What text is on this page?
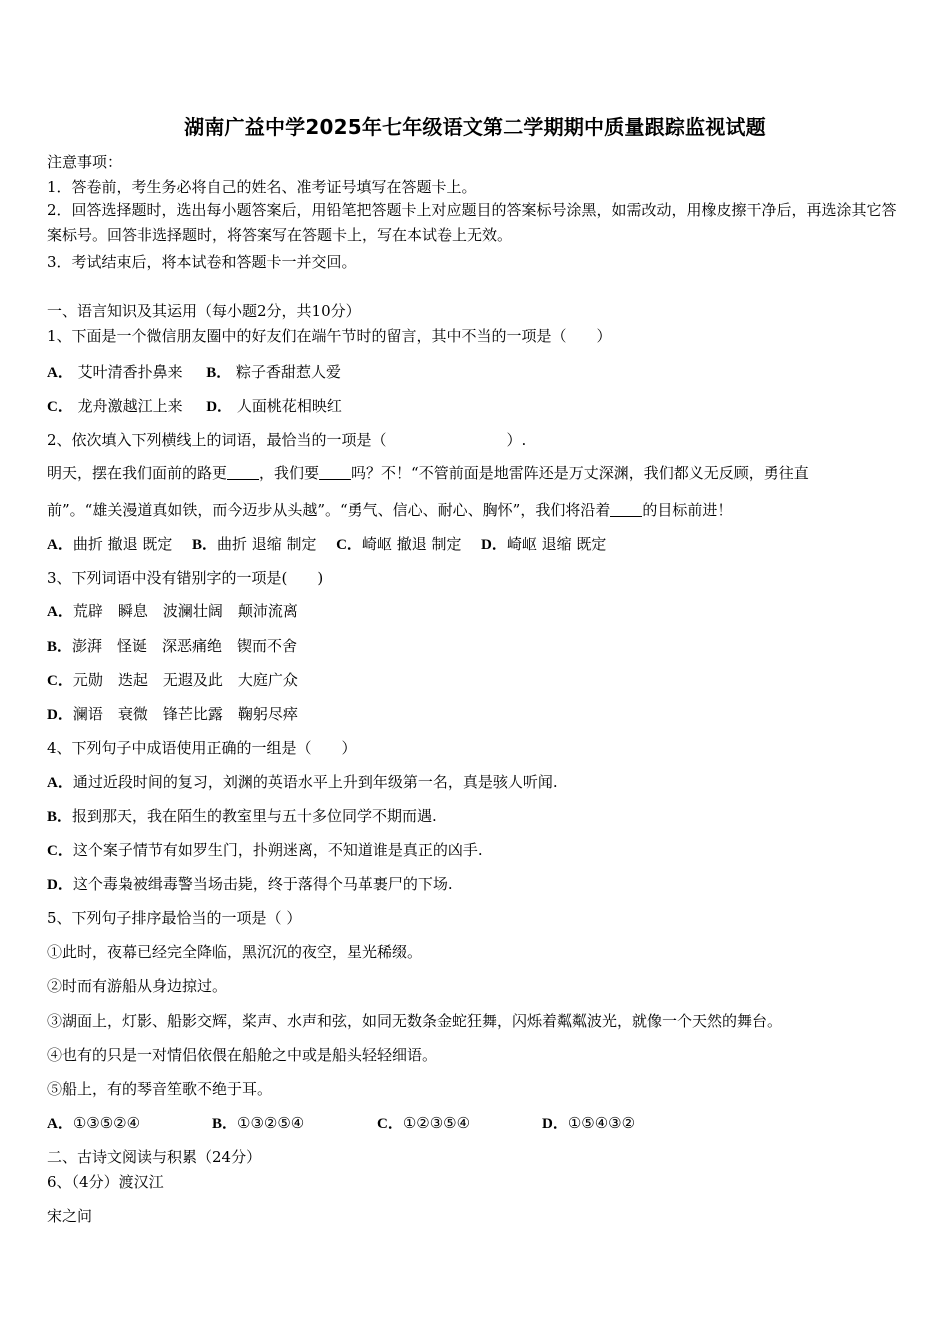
湖南广益中学2025年七年级语文第二学期期中质量跟踪监视试题
注意事项：
1．答卷前，考生务必将自己的姓名、准考证号填写在答题卡上。
2．回答选择题时，选出每小题答案后，用铅笔把答题卡上对应题目的答案标号涂黑，如需改动，用橡皮擦干净后，再选涂其它答案标号。回答非选择题时，将答案写在答题卡上，写在本试卷上无效。
3．考试结束后，将本试卷和答题卡一并交回。
一、语言知识及其运用（每小题2分，共10分）
1、下面是一个微信朋友圈中的好友们在端午节时的留言，其中不当的一项是（　　）
A． 艾叶清香扑鼻来 B． 粽子香甜惹人爱
C． 龙舟激越江上来 D． 人面桃花相映红
2、依次填入下列横线上的词语，最恰当的一项是（　　　　　　　　）.
明天，摆在我们面前的路更 ，我们要 吗？不！“不管前面是地雷阵还是万丈深渊，我们都义无反顾，勇往直
前”。“雄关漫道真如铁，而今迈步从头越”。“勇气、信心、耐心、胸怀”，我们将沿着 的目标前进！
A．曲折 撤退 既定 B．曲折 退缩 制定 C．崎岖 撤退 制定 D．崎岖 退缩 既定
3、下列词语中没有错别字的一项是(　　)
A．荒辟　瞬息　波澜壮阔　颠沛流离
B．澎湃　怪诞　深恶痛绝　锲而不舍
C．元勋　迭起　无遐及此　大庭广众
D．澜语　衰微　锋芒比露　鞠躬尽瘁
4、下列句子中成语使用正确的一组是（　　）
A．通过近段时间的复习，刘渊的英语水平上升到年级第一名，真是骇人听闻.
B．报到那天，我在陌生的教室里与五十多位同学不期而遇.
C．这个案子情节有如罗生门，扑朔迷离，不知道谁是真正的凶手.
D．这个毒枭被缉毒警当场击毙，终于落得个马革裹尸的下场.
5、下列句子排序最恰当的一项是（ ）
①此时，夜幕已经完全降临，黑沉沉的夜空，星光稀缀。
②时而有游船从身边掠过。
③湖面上，灯影、船影交辉，桨声、水声和弦，如同无数条金蛇狂舞，闪烁着粼粼波光，就像一个天然的舞台。
④也有的只是一对情侣依偎在船舱之中或是船头轻轻细语。
⑤船上，有的琴音笙歌不绝于耳。
A．①③⑤②④	B．①③②⑤④	C．①②③⑤④	D．①⑤④③②
二、古诗文阅读与积累（24分）
6、（4分）渡汉江
宋之问
